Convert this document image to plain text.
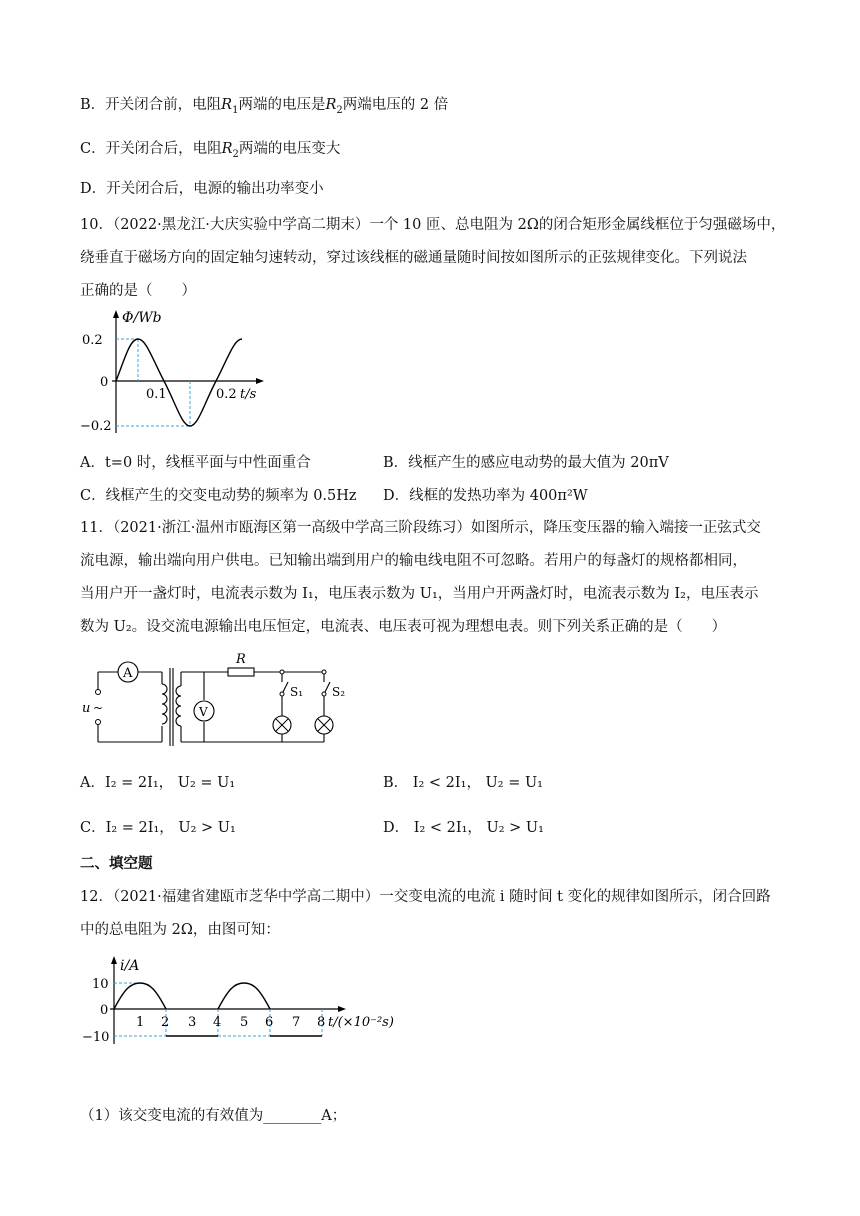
B．开关闭合前，电阻$R_1$两端的电压是$R_2$两端电压的 2 倍
C．开关闭合后，电阻$R_2$两端的电压变大
D．开关闭合后，电源的输出功率变小
10．（2022·黑龙江·大庆实验中学高二期末）一个 10 匝、总电阻为 2Ω的闭合矩形金属线框位于匀强磁场中，
绕垂直于磁场方向的固定轴匀速转动，穿过该线框的磁通量随时间按如图所示的正弦规律变化。下列说法
正确的是（　　）
Φ/Wb
0.2
0
−0.2
0.1	0.2 t/s
A．t=0 时，线框平面与中性面重合	B．线框产生的感应电动势的最大值为 20πV
C．线框产生的交变电动势的频率为 0.5Hz D．线框的发热功率为 400π²W
11．（2021·浙江·温州市瓯海区第一高级中学高三阶段练习）如图所示，降压变压器的输入端接一正弦式交
流电源，输出端向用户供电。已知输出端到用户的输电线电阻不可忽略。若用户的每盏灯的规格都相同，
当用户开一盏灯时，电流表示数为 I₁，电压表示数为 U₁，当用户开两盏灯时，电流表示数为 I₂，电压表示
数为 U₂。设交流电源输出电压恒定，电流表、电压表可视为理想电表。则下列关系正确的是（　　）
A
V
R
S₁ S₂
u ~
A．I₂ = 2I₁， U₂ = U₁	B． I₂ < 2I₁， U₂ = U₁
C．I₂ = 2I₁， U₂ > U₁	D． I₂ < 2I₁， U₂ > U₁
二、填空题
12．（2021·福建省建瓯市芝华中学高二期中）一交变电流的电流 i 随时间 t 变化的规律如图所示，闭合回路
中的总电阻为 2Ω，由图可知：
i/A
10
0
−10
1 2 3 4 5 6 7 8 t/(×10⁻²s)
（1）该交变电流的有效值为________A；
